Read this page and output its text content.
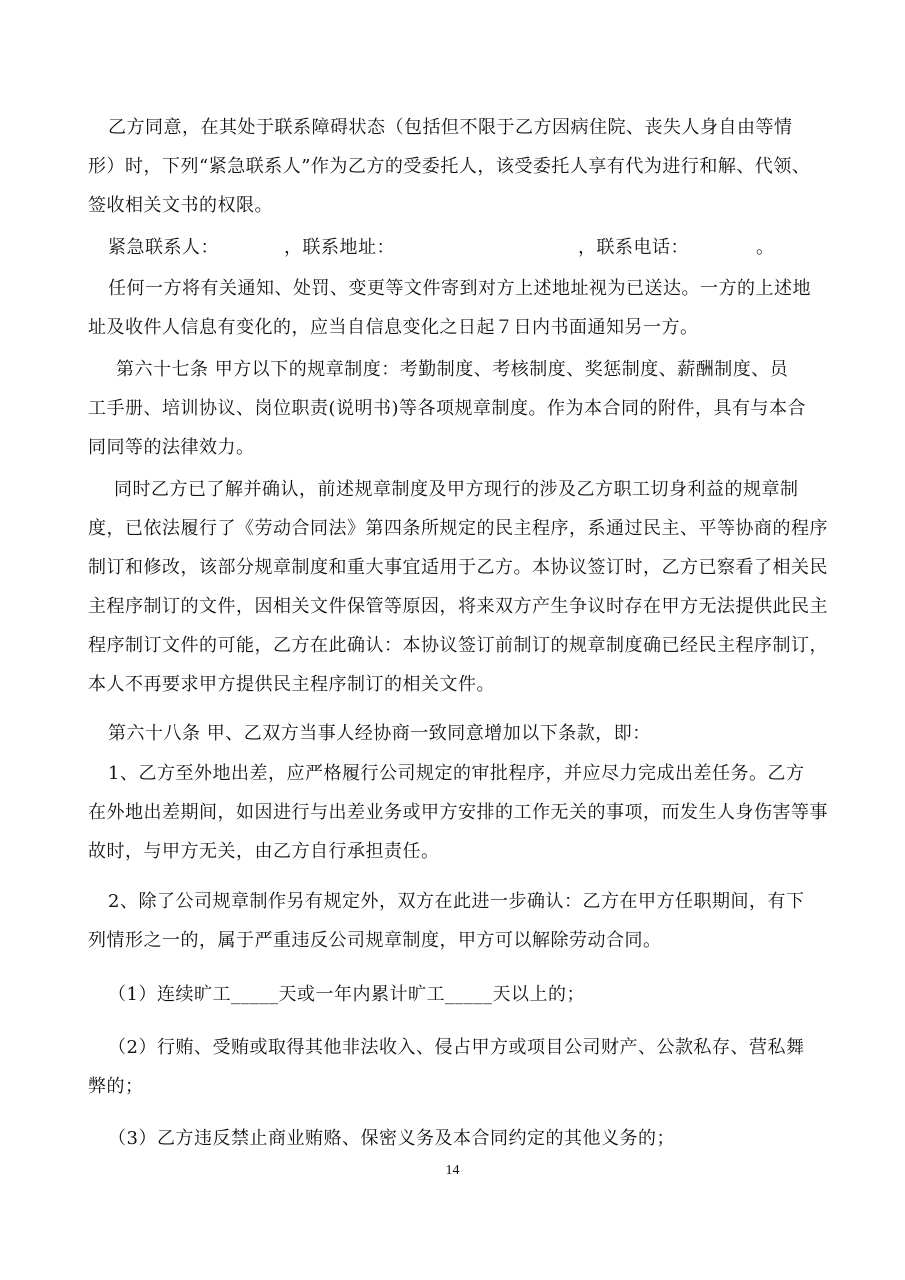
乙方同意，在其处于联系障碍状态（包括但不限于乙方因病住院、丧失人身自由等情
形）时，下列“紧急联系人”作为乙方的受委托人，该受委托人享有代为进行和解、代领、
签收相关文书的权限。
紧急联系人：	，联系地址：	，联系电话：	。
任何一方将有关通知、处罚、变更等文件寄到对方上述地址视为已送达。一方的上述地
址及收件人信息有变化的，应当自信息变化之日起７日内书面通知另一方。
第六十七条 甲方以下的规章制度：考勤制度、考核制度、奖惩制度、薪酬制度、员
工手册、培训协议、岗位职责(说明书)等各项规章制度。作为本合同的附件，具有与本合
同同等的法律效力。
同时乙方已了解并确认，前述规章制度及甲方现行的涉及乙方职工切身利益的规章制
度，已依法履行了《劳动合同法》第四条所规定的民主程序，系通过民主、平等协商的程序
制订和修改，该部分规章制度和重大事宜适用于乙方。本协议签订时，乙方已察看了相关民
主程序制订的文件，因相关文件保管等原因，将来双方产生争议时存在甲方无法提供此民主
程序制订文件的可能，乙方在此确认：本协议签订前制订的规章制度确已经民主程序制订，
本人不再要求甲方提供民主程序制订的相关文件。
第六十八条 甲、乙双方当事人经协商一致同意增加以下条款，即：
1、乙方至外地出差，应严格履行公司规定的审批程序，并应尽力完成出差任务。乙方
在外地出差期间，如因进行与出差业务或甲方安排的工作无关的事项，而发生人身伤害等事
故时，与甲方无关，由乙方自行承担责任。
2、除了公司规章制作另有规定外，双方在此进一步确认：乙方在甲方任职期间，有下
列情形之一的，属于严重违反公司规章制度，甲方可以解除劳动合同。
（1）连续旷工_____天或一年内累计旷工_____天以上的；
（2）行贿、受贿或取得其他非法收入、侵占甲方或项目公司财产、公款私存、营私舞
弊的；
（3）乙方违反禁止商业贿赂、保密义务及本合同约定的其他义务的；
14
